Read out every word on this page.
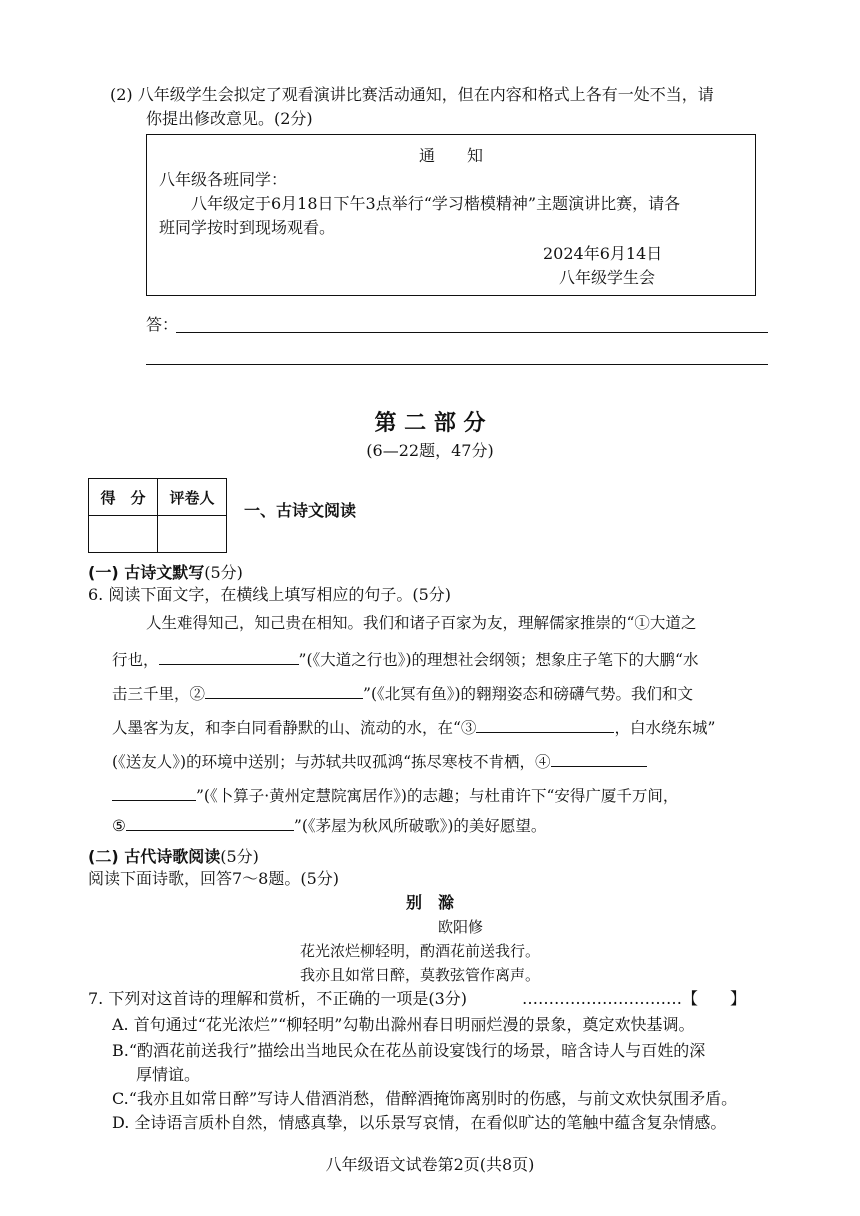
(2) 八年级学生会拟定了观看演讲比赛活动通知，但在内容和格式上各有一处不当，请
你提出修改意见。(2分)
通　　知
八年级各班同学：
八年级定于6月18日下午3点举行“学习楷模精神”主题演讲比赛，请各
班同学按时到现场观看。
2024年6月14日
八年级学生会
答：
第 二 部 分
(6—22题，47分)
得　分	评卷人

一、古诗文阅读
(一) 古诗文默写(5分)
6. 阅读下面文字，在横线上填写相应的句子。(5分)
人生难得知己，知己贵在相知。我们和诸子百家为友，理解儒家推崇的“①大道之
行也，	”(《大道之行也》)的理想社会纲领；想象庄子笔下的大鹏“水
击三千里，②	”(《北冥有鱼》)的翱翔姿态和磅礴气势。我们和文
人墨客为友，和李白同看静默的山、流动的水，在“③	，白水绕东城”
(《送友人》)的环境中送别；与苏轼共叹孤鸿“拣尽寒枝不肯栖，④
”(《卜算子·黄州定慧院寓居作》)的志趣；与杜甫许下“安得广厦千万间，
⑤	”(《茅屋为秋风所破歌》)的美好愿望。
(二) 古代诗歌阅读(5分)
阅读下面诗歌，回答7～8题。(5分)
别　滁
欧阳修
花光浓烂柳轻明，酌酒花前送我行。
我亦且如常日醉，莫教弦管作离声。
7. 下列对这首诗的理解和赏析，不正确的一项是(3分)	…………………………【　　】
A. 首句通过“花光浓烂”“柳轻明”勾勒出滁州春日明丽烂漫的景象，奠定欢快基调。
B.“酌酒花前送我行”描绘出当地民众在花丛前设宴饯行的场景，暗含诗人与百姓的深
厚情谊。
C.“我亦且如常日醉”写诗人借酒消愁，借醉酒掩饰离别时的伤感，与前文欢快氛围矛盾。
D. 全诗语言质朴自然，情感真挚，以乐景写哀情，在看似旷达的笔触中蕴含复杂情感。
八年级语文试卷第2页(共8页)
